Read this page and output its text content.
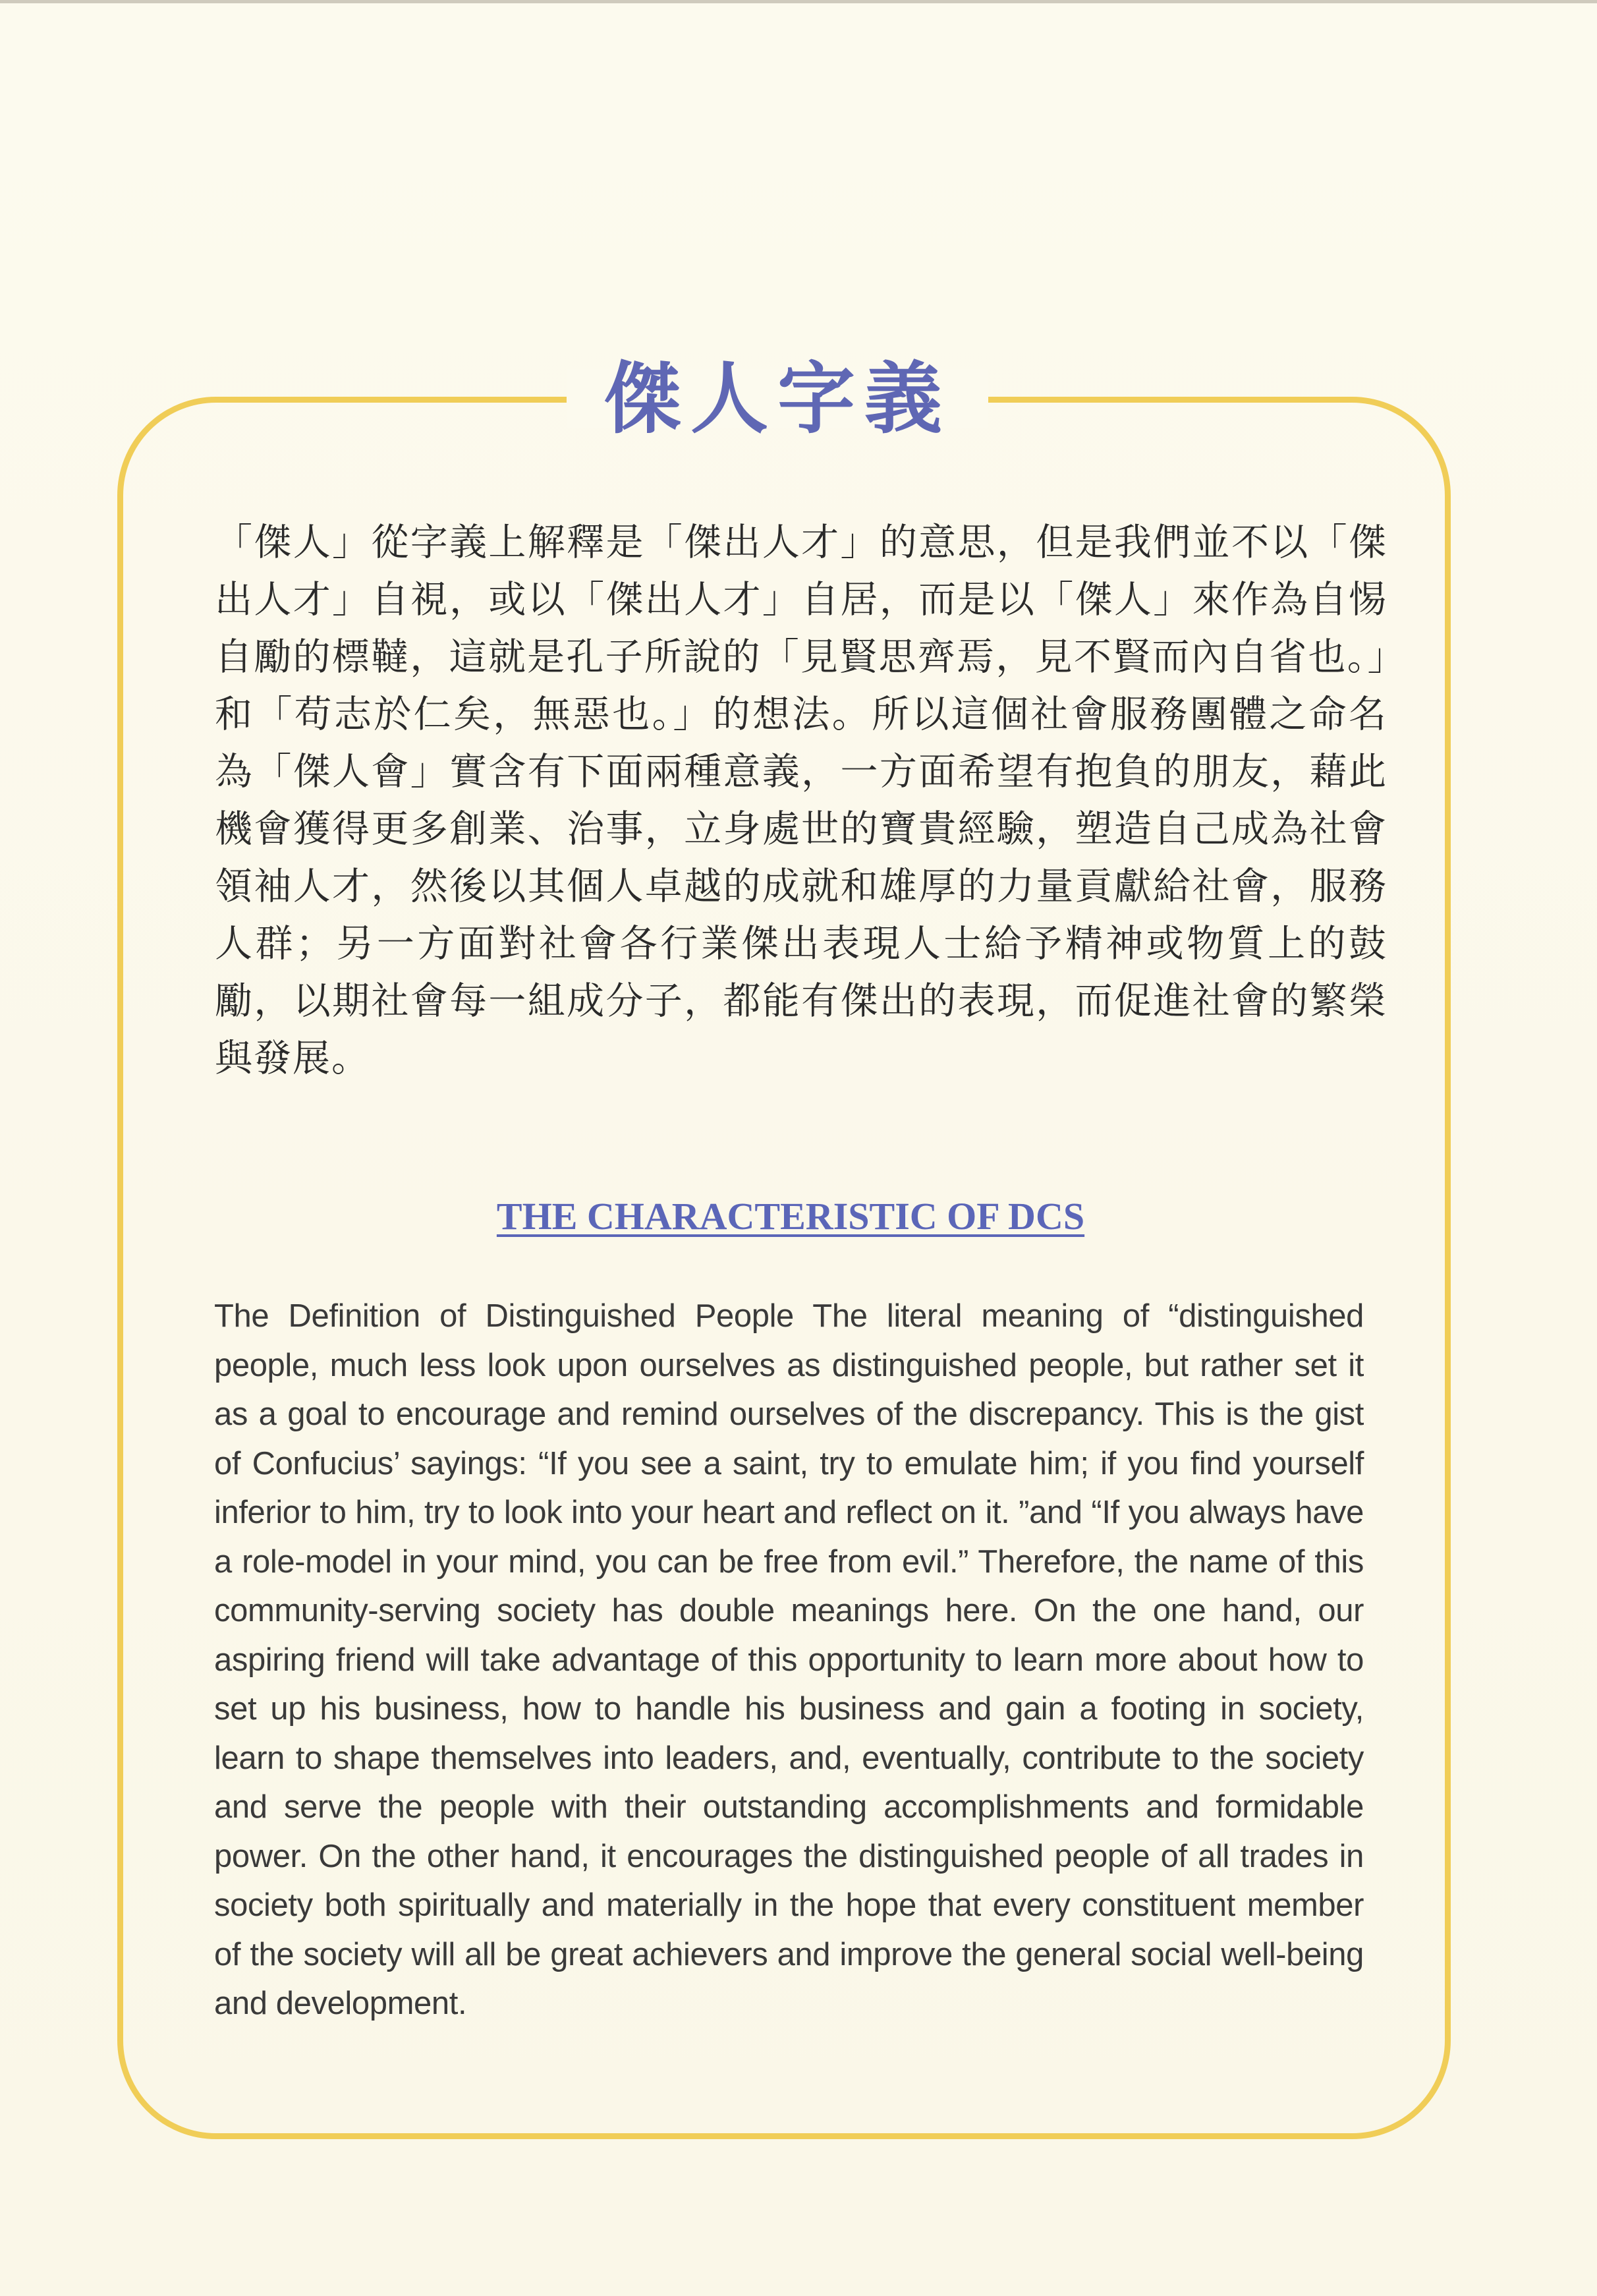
傑人字義

「傑人」從字義上解釋是「傑出人才」的意思，但是我們並不以「傑出人才」自視，或以「傑出人才」自居，而是以「傑人」來作為自惕自勵的標韃，這就是孔子所說的「見賢思齊焉，見不賢而內自省也。」和「苟志於仁矣，無惡也。」的想法。所以這個社會服務團體之命名為「傑人會」實含有下面兩種意義，一方面希望有抱負的朋友，藉此機會獲得更多創業、治事，立身處世的寶貴經驗，塑造自己成為社會領袖人才，然後以其個人卓越的成就和雄厚的力量貢獻給社會，服務人群；另一方面對社會各行業傑出表現人士給予精神或物質上的鼓勵，以期社會每一組成分子，都能有傑出的表現，而促進社會的繁榮與發展。

THE CHARACTERISTIC OF DCS

The Definition of Distinguished People The literal meaning of “distinguished people, much less look upon ourselves as distinguished people, but rather set it as a goal to encourage and remind ourselves of the discrepancy. This is the gist of Confucius’ sayings: “If you see a saint, try to emulate him; if you find yourself inferior to him, try to look into your heart and reflect on it. ”and “If you always have a role-model in your mind, you can be free from evil.” Therefore, the name of this community-serving society has double meanings here. On the one hand, our aspiring friend will take advantage of this opportunity to learn more about how to set up his business, how to handle his business and gain a footing in society, learn to shape themselves into leaders, and, eventually, contribute to the society and serve the people with their outstanding accomplishments and formidable power. On the other hand, it encourages the distinguished people of all trades in society both spiritually and materially in the hope that every constituent member of the society will all be great achievers and improve the general social well-being and development.
